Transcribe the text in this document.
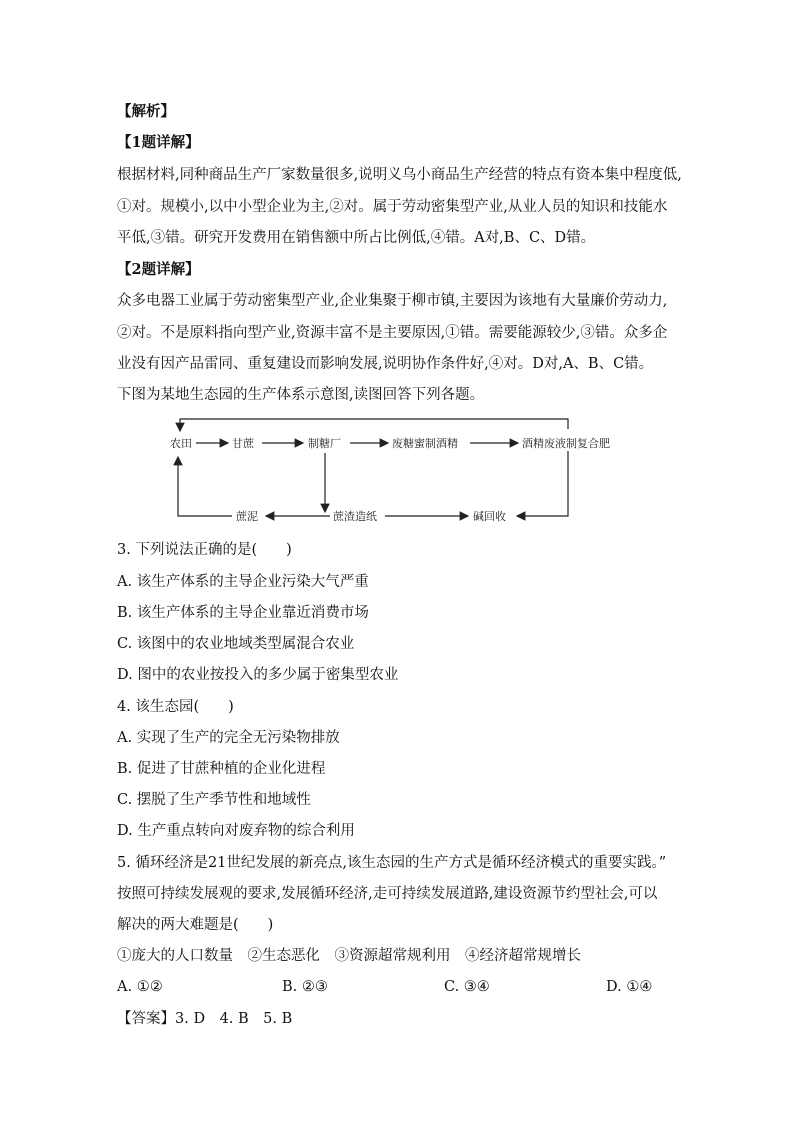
【解析】
【1题详解】
根据材料,同种商品生产厂家数量很多,说明义乌小商品生产经营的特点有资本集中程度低,
①对。规模小,以中小型企业为主,②对。属于劳动密集型产业,从业人员的知识和技能水
平低,③错。研究开发费用在销售额中所占比例低,④错。A对,B、C、D错。
【2题详解】
众多电器工业属于劳动密集型产业,企业集聚于柳市镇,主要因为该地有大量廉价劳动力,
②对。不是原料指向型产业,资源丰富不是主要原因,①错。需要能源较少,③错。众多企
业没有因产品雷同、重复建设而影响发展,说明协作条件好,④对。D对,A、B、C错。
下图为某地生态园的生产体系示意图,读图回答下列各题。
农田	甘蔗	制糖厂	废糖蜜制酒精	酒精废液制复合肥
蔗泥	蔗渣造纸	碱回收
3. 下列说法正确的是(　　)
A. 该生产体系的主导企业污染大气严重
B. 该生产体系的主导企业靠近消费市场
C. 该图中的农业地域类型属混合农业
D. 图中的农业按投入的多少属于密集型农业
4. 该生态园(　　)
A. 实现了生产的完全无污染物排放
B. 促进了甘蔗种植的企业化进程
C. 摆脱了生产季节性和地域性
D. 生产重点转向对废弃物的综合利用
5. 循环经济是21世纪发展的新亮点,该生态园的生产方式是循环经济模式的重要实践。”
按照可持续发展观的要求,发展循环经济,走可持续发展道路,建设资源节约型社会,可以
解决的两大难题是(　　)
①庞大的人口数量　②生态恶化　③资源超常规利用　④经济超常规增长
A. ①②	B. ②③	C. ③④	D. ①④
【答案】3. D　4. B　5. B
